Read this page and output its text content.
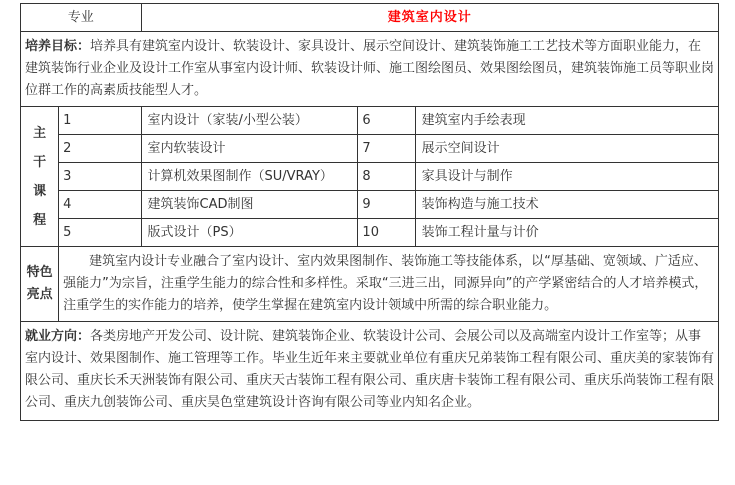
专业		建筑室内设计		
培养目标：培养具有建筑室内设计、软装设计、家具设计、展示空间设计、建筑装饰施工工艺技术等方面职业能力，在建筑装饰行业企业及设计工作室从事室内设计师、软装设计师、施工图绘图员、效果图绘图员，建筑装饰施工员等职业岗位群工作的高素质技能型人才。				

主
干
课
程	1	室内设计（家装/小型公装）	6	建筑室内手绘表现
	2	室内软装设计	7	展示空间设计
	3	计算机效果图制作（SU/VRAY）	8	家具设计与制作
	4	建筑装饰CAD制图	9	装饰构造与施工技术
	5	版式设计（PS）	10	装饰工程计量与计价
特色亮点	建筑室内设计专业融合了室内设计、室内效果图制作、装饰施工等技能体系，以“厚基础、宽领域、广适应、强能力”为宗旨，注重学生能力的综合性和多样性。采取“三进三出，同源异向”的产学紧密结合的人才培养模式，注重学生的实作能力的培养，使学生掌握在建筑室内设计领域中所需的综合职业能力。			
就业方向：各类房地产开发公司、设计院、建筑装饰企业、软装设计公司、会展公司以及高端室内设计工作室等；从事室内设计、效果图制作、施工管理等工作。毕业生近年来主要就业单位有重庆兄弟装饰工程有限公司、重庆美的家装饰有限公司、重庆长禾天洲装饰有限公司、重庆天古装饰工程有限公司、重庆唐卡装饰工程有限公司、重庆乐尚装饰工程有限公司、重庆九创装饰公司、重庆昊色堂建筑设计咨询有限公司等业内知名企业。				
